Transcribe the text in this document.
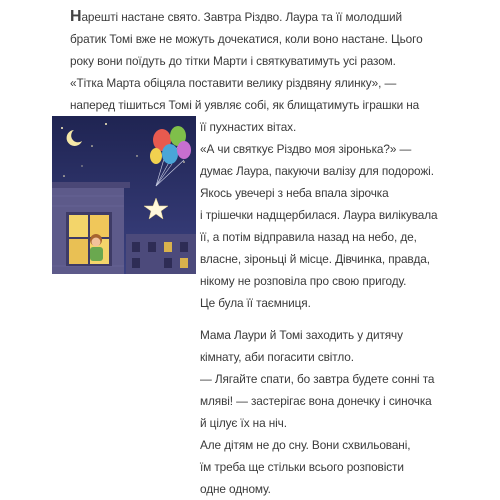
Нарешті настане свято. Завтра Різдво. Лаура та її молодший

братик Томі вже не можуть дочекатися, коли воно настане. Цього

року вони поїдуть до тітки Марти і святкуватимуть усі разом.

«Тітка Марта обіцяла поставити велику різдвяну ялинку», —

наперед тішиться Томі й уявляє собі, як блищатимуть іграшки на

її пухнастих вітах.

«А чи святкує Різдво моя зіронька?» —

думає Лаура, пакуючи валізу для подорожі.

Якось увечері з неба впала зірочка

і трішечки надщербилася. Лаура вилікувала

її, а потім відправила назад на небо, де,

власне, зіроньці й місце. Дівчинка, правда,

нікому не розповіла про свою пригоду.

Це була її таємниця.

Мама Лаури й Томі заходить у дитячу

кімнату, аби погасити світло.

— Лягайте спати, бо завтра будете сонні та

мляві! — застерігає вона донечку і синочка

й цілує їх на ніч.

Але дітям не до сну. Вони схвильовані,

їм треба ще стільки всього розповісти

одне одному.
